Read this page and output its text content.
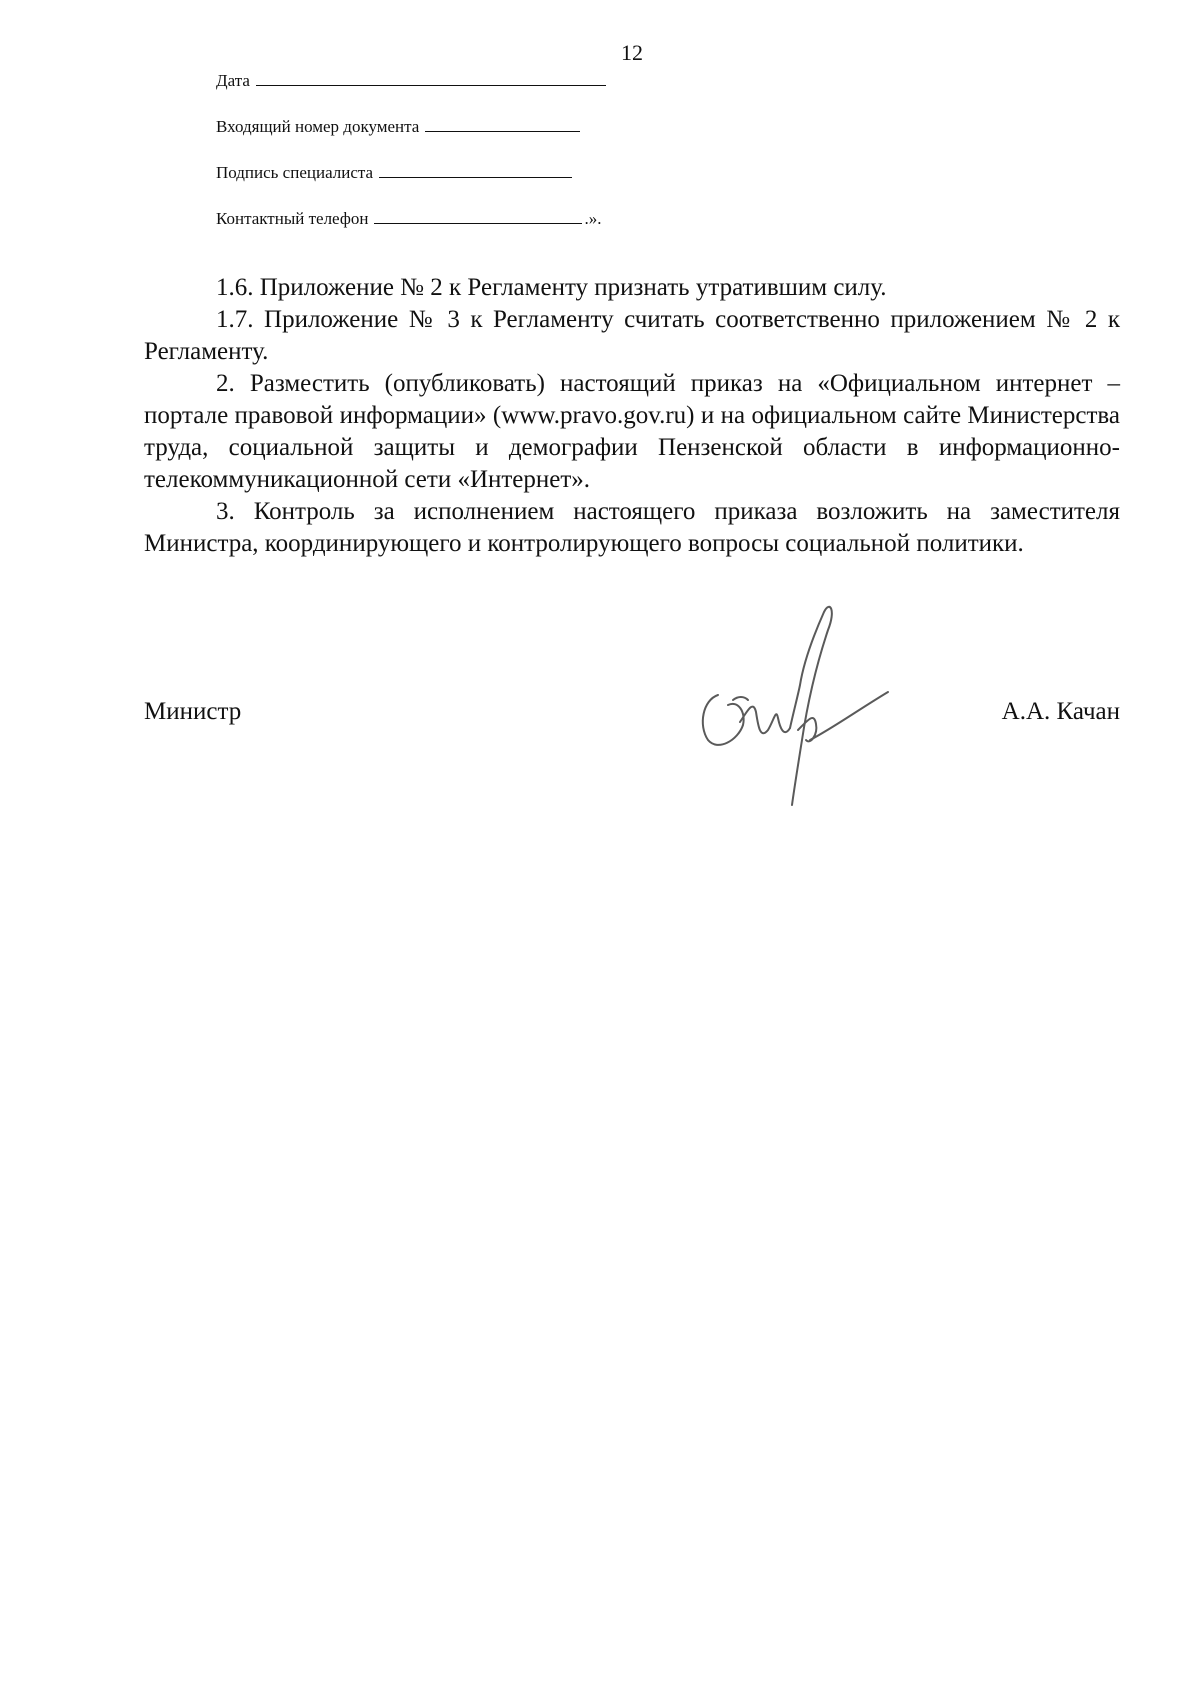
12
Дата
Входящий номер документа
Подпись специалиста
Контактный телефон	.».

1.6. Приложение № 2 к Регламенту признать утратившим силу.

1.7. Приложение № 3 к Регламенту считать соответственно приложением № 2 к Регламенту.

2. Разместить (опубликовать) настоящий приказ на «Официальном интернет – портале правовой информации» (www.pravo.gov.ru) и на официальном сайте Министерства труда, социальной защиты и демографии Пензенской области в информационно-телекоммуникационной сети «Интернет».

3. Контроль за исполнением настоящего приказа возложить на заместителя Министра, координирующего и контролирующего вопросы социальной политики.

Министр	А.А. Качан
